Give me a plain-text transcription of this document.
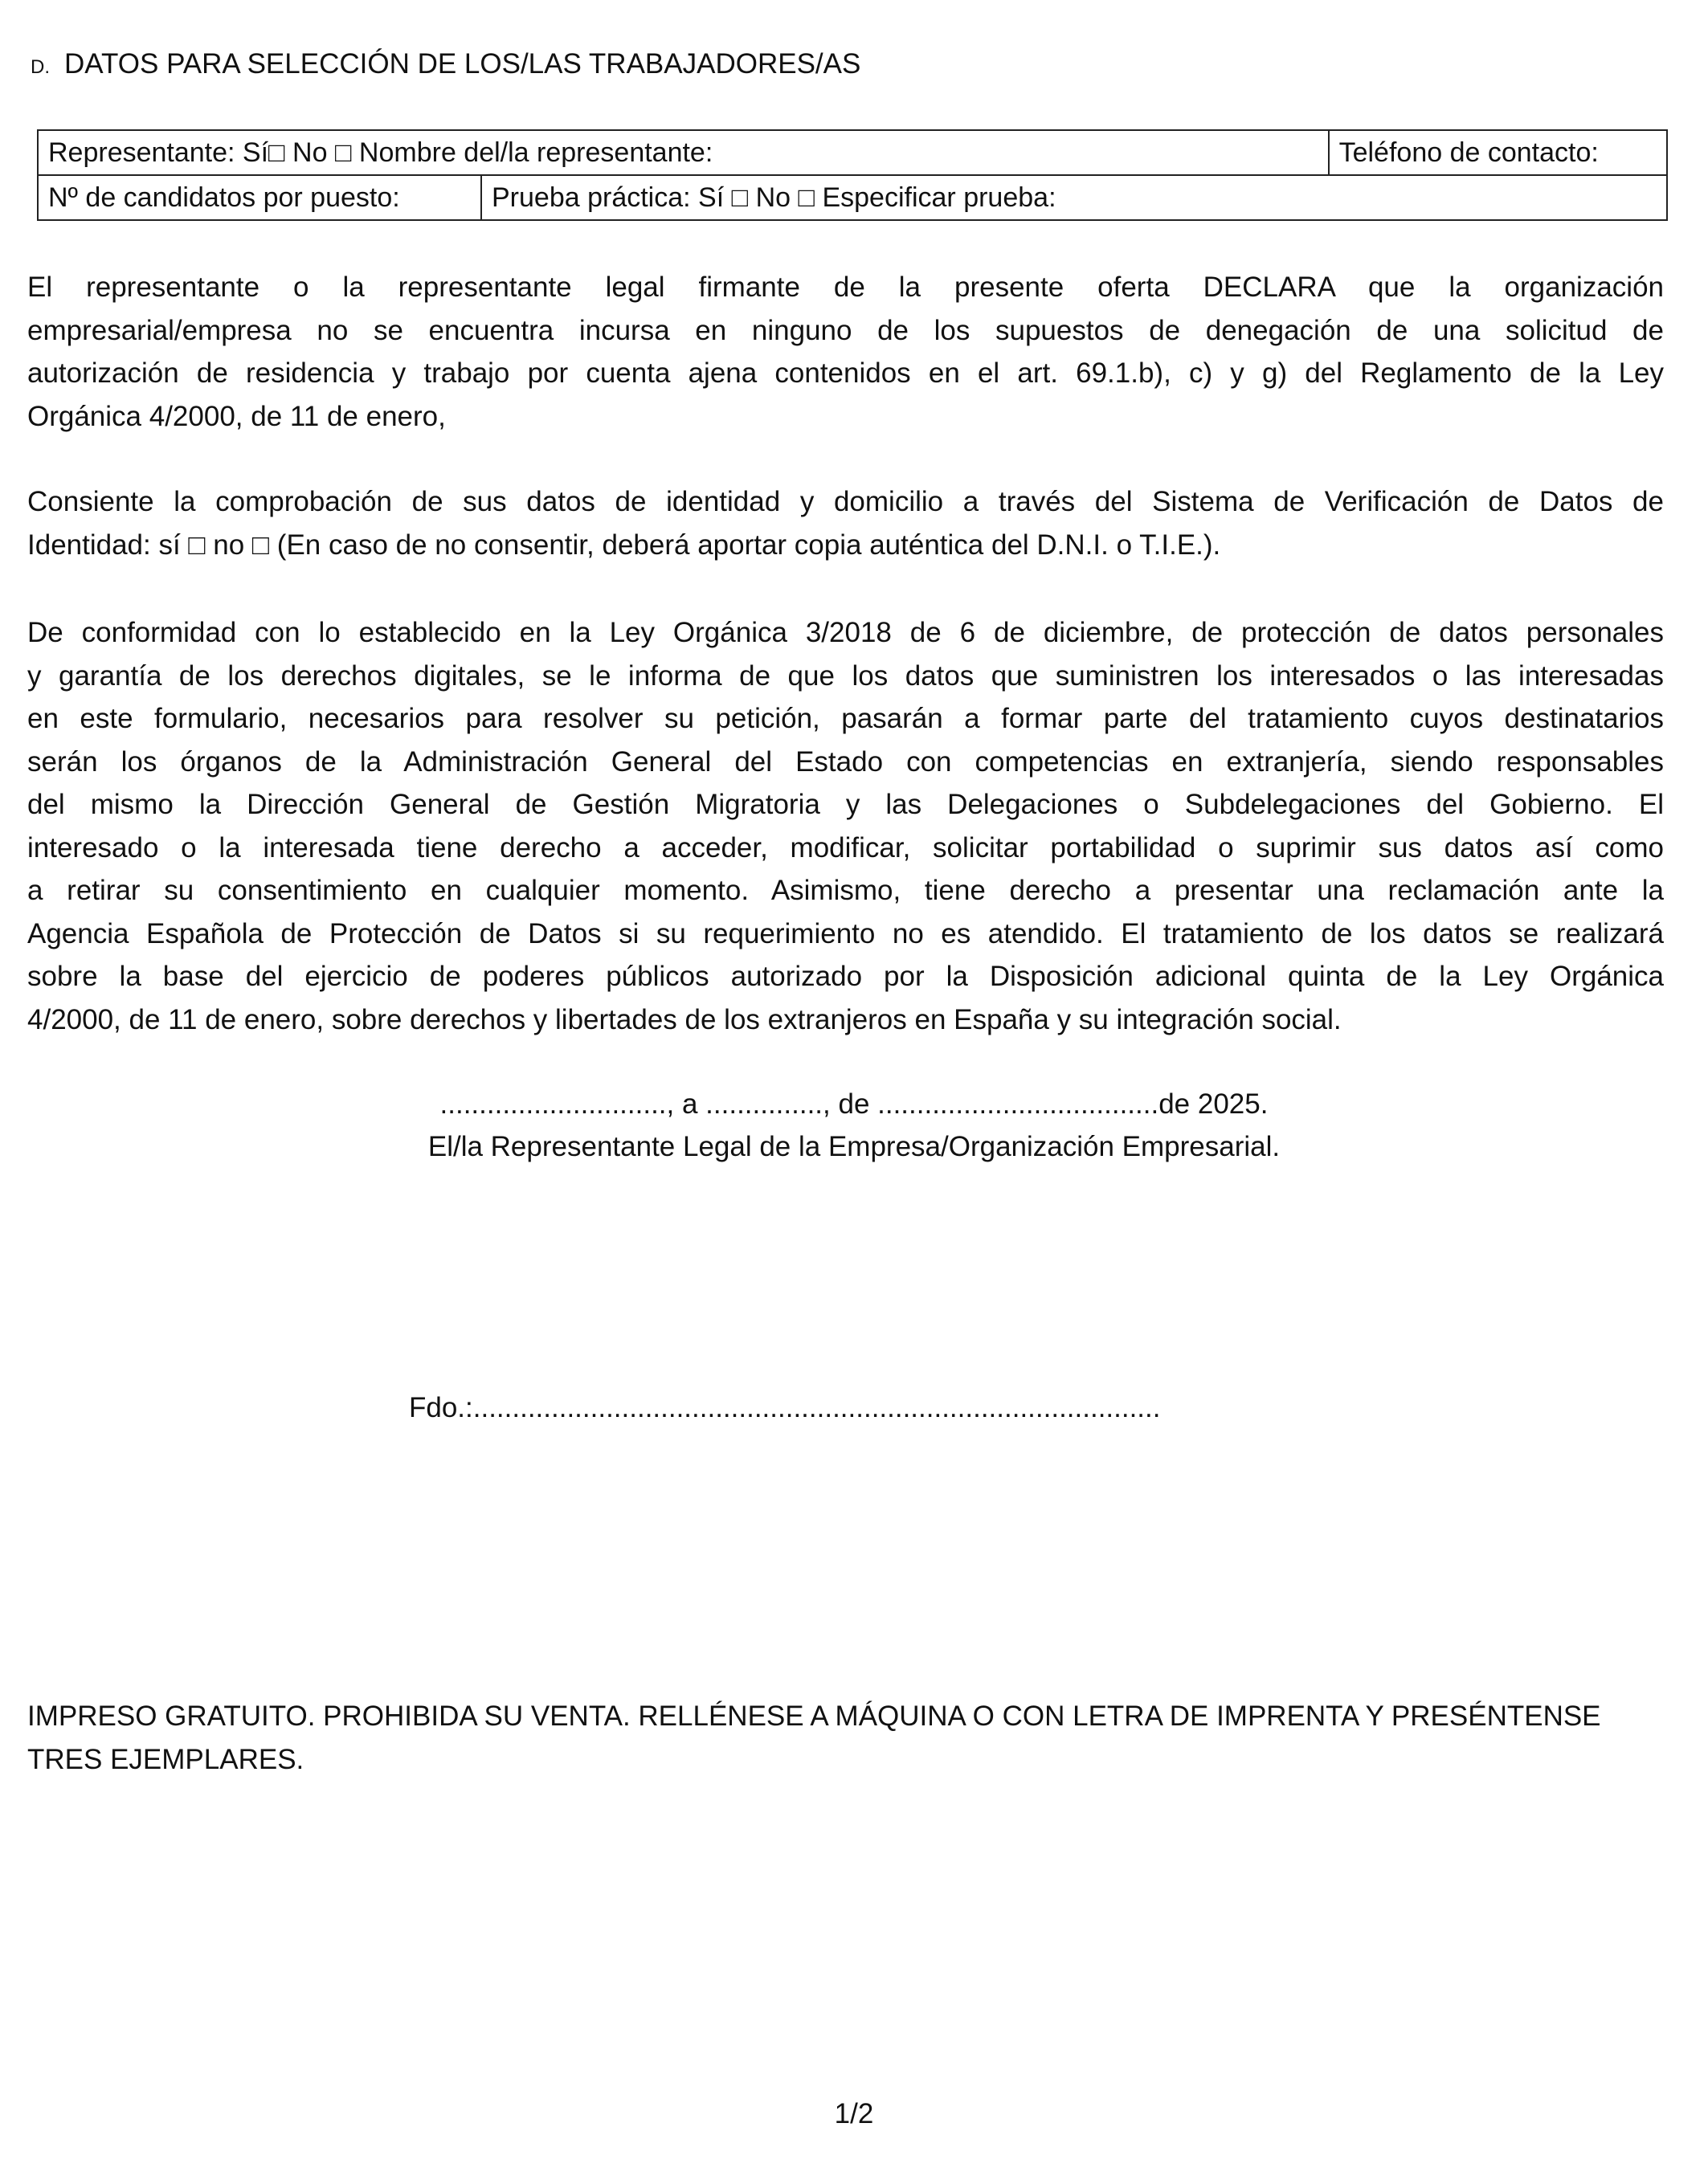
D. DATOS PARA SELECCIÓN DE LOS/LAS TRABAJADORES/AS
Representante: Sí□ No □ Nombre del/la representante:		Teléfono de contacto:
Nº de candidatos por puesto:	Prueba práctica: Sí □ No □ Especificar prueba:	
El representante o la representante legal firmante de la presente oferta DECLARA que la organización
empresarial/empresa no se encuentra incursa en ninguno de los supuestos de denegación de una solicitud de
autorización de residencia y trabajo por cuenta ajena contenidos en el art. 69.1.b), c) y g) del Reglamento de la Ley
Orgánica 4/2000, de 11 de enero,
Consiente la comprobación de sus datos de identidad y domicilio a través del Sistema de Verificación de Datos de
Identidad: sí □ no □ (En caso de no consentir, deberá aportar copia auténtica del D.N.I. o T.I.E.).
De conformidad con lo establecido en la Ley Orgánica 3/2018 de 6 de diciembre, de protección de datos personales
y garantía de los derechos digitales, se le informa de que los datos que suministren los interesados o las interesadas
en este formulario, necesarios para resolver su petición, pasarán a formar parte del tratamiento cuyos destinatarios
serán los órganos de la Administración General del Estado con competencias en extranjería, siendo responsables
del mismo la Dirección General de Gestión Migratoria y las Delegaciones o Subdelegaciones del Gobierno. El
interesado o la interesada tiene derecho a acceder, modificar, solicitar portabilidad o suprimir sus datos así como
a retirar su consentimiento en cualquier momento. Asimismo, tiene derecho a presentar una reclamación ante la
Agencia Española de Protección de Datos si su requerimiento no es atendido. El tratamiento de los datos se realizará
sobre la base del ejercicio de poderes públicos autorizado por la Disposición adicional quinta de la Ley Orgánica
4/2000, de 11 de enero, sobre derechos y libertades de los extranjeros en España y su integración social.
............................., a ..............., de ....................................de 2025.
El/la Representante Legal de la Empresa/Organización Empresarial.
Fdo.:........................................................................................
IMPRESO GRATUITO. PROHIBIDA SU VENTA. RELLÉNESE A MÁQUINA O CON LETRA DE IMPRENTA Y PRESÉNTENSE
TRES EJEMPLARES.
1/2
